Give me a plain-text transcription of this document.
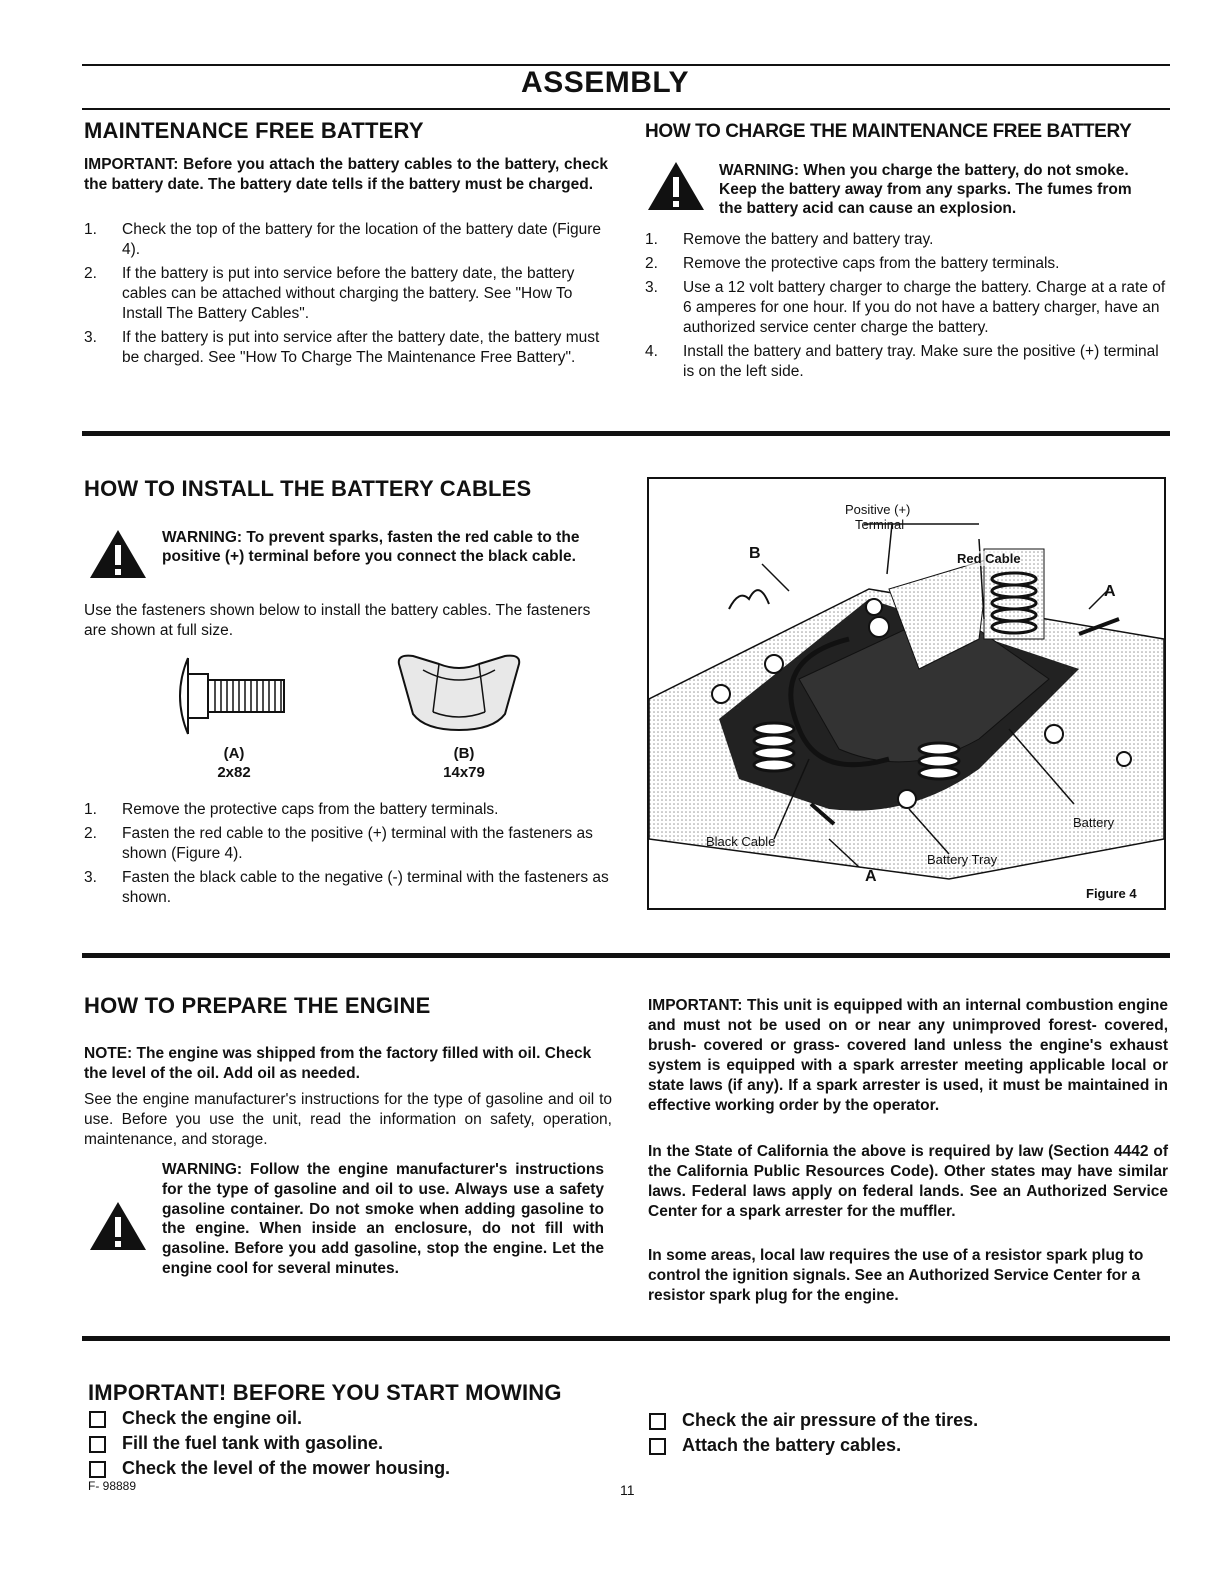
ASSEMBLY
MAINTENANCE FREE BATTERY
IMPORTANT: Before you attach the battery cables to the battery, check the battery date. The battery date tells if the battery must be charged.
1. Check the top of the battery for the location of the battery date (Figure 4).
2. If the battery is put into service before the battery date, the battery cables can be attached without charging the battery. See "How To Install The Battery Cables".
3. If the battery is put into service after the battery date, the battery must be charged. See "How To Charge The Maintenance Free Battery".
HOW TO CHARGE THE MAINTENANCE FREE BATTERY
WARNING: When you charge the battery, do not smoke. Keep the battery away from any sparks. The fumes from the battery acid can cause an explosion.
1. Remove the battery and battery tray.
2. Remove the protective caps from the battery terminals.
3. Use a 12 volt battery charger to charge the battery. Charge at a rate of 6 amperes for one hour. If you do not have a battery charger, have an authorized service center charge the battery.
4. Install the battery and battery tray. Make sure the positive (+) terminal is on the left side.
HOW TO INSTALL THE BATTERY CABLES
WARNING: To prevent sparks, fasten the red cable to the positive (+) terminal before you connect the black cable.
Use the fasteners shown below to install the battery cables. The fasteners are shown at full size.
(A)
2x82
(B)
14x79
1. Remove the protective caps from the battery terminals.
2. Fasten the red cable to the positive (+) terminal with the fasteners as shown (Figure 4).
3. Fasten the black cable to the negative (-) terminal with the fasteners as shown.
Positive (+)
Terminal
Red Cable
B
A
Black Cable
Battery Tray
Battery
A
Figure 4
HOW TO PREPARE THE ENGINE
NOTE: The engine was shipped from the factory filled with oil. Check the level of the oil. Add oil as needed.
See the engine manufacturer's instructions for the type of gasoline and oil to use. Before you use the unit, read the information on safety, operation, maintenance, and storage.
WARNING: Follow the engine manufacturer's instructions for the type of gasoline and oil to use. Always use a safety gasoline container. Do not smoke when adding gasoline to the engine. When inside an enclosure, do not fill with gasoline. Before you add gasoline, stop the engine. Let the engine cool for several minutes.
IMPORTANT: This unit is equipped with an internal combustion engine and must not be used on or near any unimproved forest- covered, brush- covered or grass- covered land unless the engine's exhaust system is equipped with a spark arrester meeting applicable local or state laws (if any). If a spark arrester is used, it must be maintained in effective working order by the operator.
In the State of California the above is required by law (Section 4442 of the California Public Resources Code). Other states may have similar laws. Federal laws apply on federal lands. See an Authorized Service Center for a spark arrester for the muffler.
In some areas, local law requires the use of a resistor spark plug to control the ignition signals. See an Authorized Service Center for a resistor spark plug for the engine.
IMPORTANT! BEFORE YOU START MOWING
Check the engine oil.
Fill the fuel tank with gasoline.
Check the level of the mower housing.
Check the air pressure of the tires.
Attach the battery cables.
F- 98889	11
